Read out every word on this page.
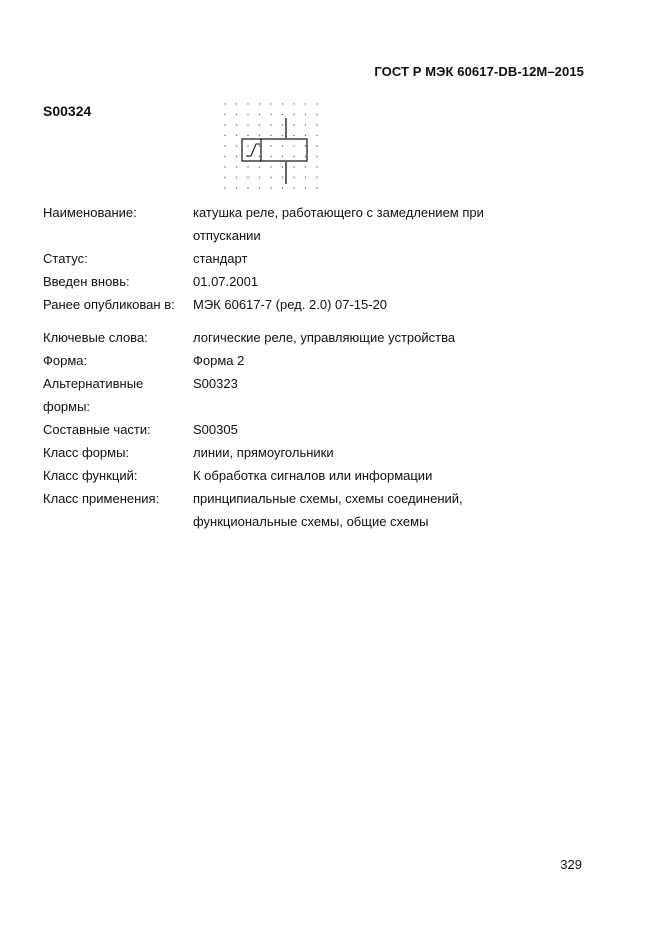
ГОСТ Р МЭК 60617-DB-12M–2015
S00324
Наименование:	катушка реле, работающего с замедлением при
отпускании
Статус:	стандарт
Введен вновь:	01.07.2001
Ранее опубликован в:	МЭК 60617-7 (ред. 2.0) 07-15-20
Ключевые слова:	логические реле, управляющие устройства
Форма:	Форма 2
Альтернативные	S00323
формы:
Составные части:	S00305
Класс формы:	линии, прямоугольники
Класс функций:	К обработка сигналов или информации
Класс применения:	принципиальные схемы, схемы соединений,
функциональные схемы, общие схемы
329
